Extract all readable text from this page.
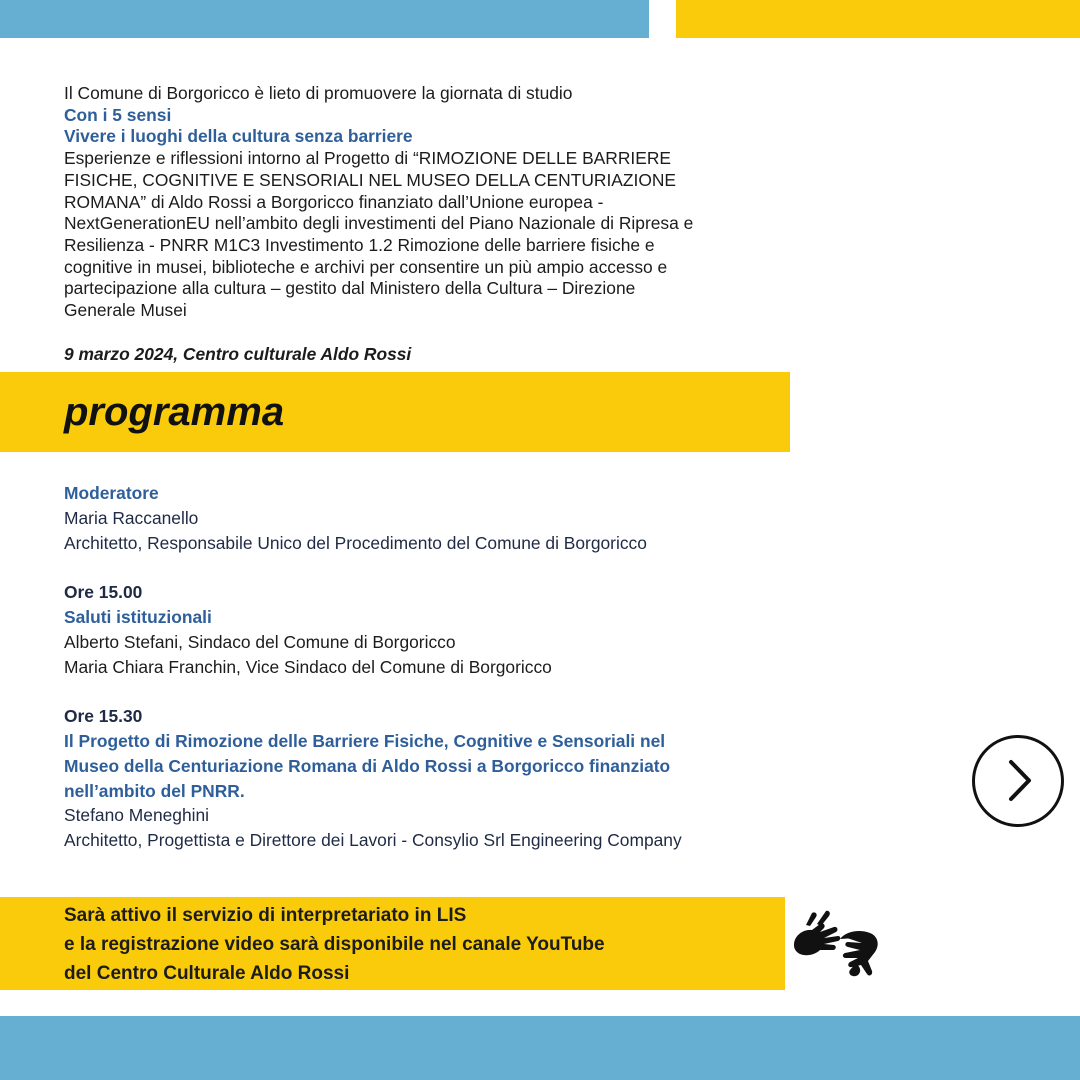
Il Comune di Borgoricco è lieto di promuovere la giornata di studio

Con i 5 sensi

Vivere i luoghi della cultura senza barriere

Esperienze e riflessioni intorno al Progetto di “RIMOZIONE DELLE BARRIERE
FISICHE, COGNITIVE E SENSORIALI NEL MUSEO DELLA CENTURIAZIONE
ROMANA” di Aldo Rossi a Borgoricco finanziato dall’Unione europea -
NextGenerationEU nell’ambito degli investimenti del Piano Nazionale di Ripresa e
Resilienza - PNRR M1C3 Investimento 1.2 Rimozione delle barriere fisiche e
cognitive in musei, biblioteche e archivi per consentire un più ampio accesso e
partecipazione alla cultura – gestito dal Ministero della Cultura – Direzione
Generale Musei

9 marzo 2024, Centro culturale Aldo Rossi

programma

Moderatore

Maria Raccanello

Architetto, Responsabile Unico del Procedimento del Comune di Borgoricco

Ore 15.00

Saluti istituzionali

Alberto Stefani, Sindaco del Comune di Borgoricco

Maria Chiara Franchin, Vice Sindaco del Comune di Borgoricco

Ore 15.30

Il Progetto di Rimozione delle Barriere Fisiche, Cognitive e Sensoriali nel

Museo della Centuriazione Romana di Aldo Rossi a Borgoricco finanziato

nell’ambito del PNRR.

Stefano Meneghini

Architetto, Progettista e Direttore dei Lavori - Consylio Srl Engineering Company

Sarà attivo il servizio di interpretariato in LIS
e la registrazione video sarà disponibile nel canale YouTube
del Centro Culturale Aldo Rossi
